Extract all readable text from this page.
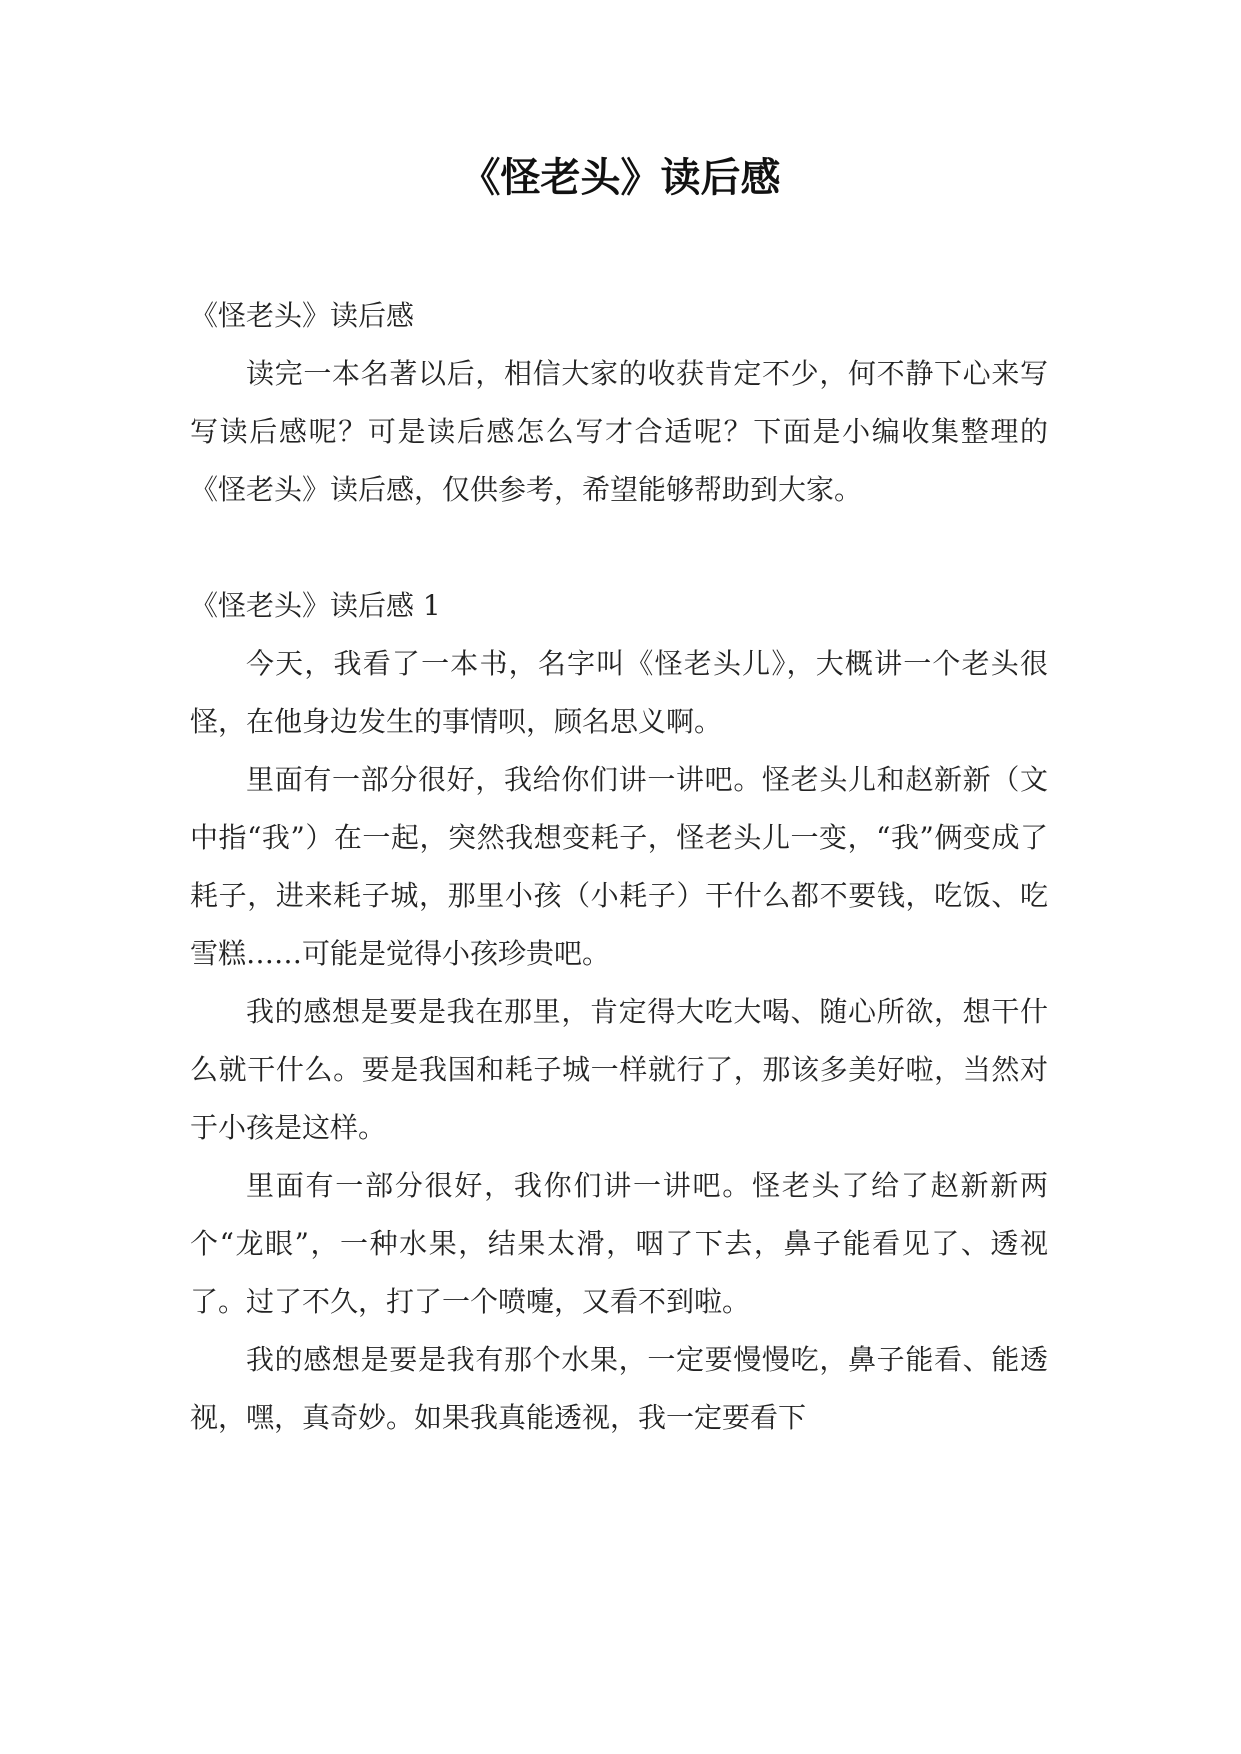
《怪老头》读后感

《怪老头》读后感

读完一本名著以后，相信大家的收获肯定不少，何不静下心来写写读后感呢？可是读后感怎么写才合适呢？下面是小编收集整理的《怪老头》读后感，仅供参考，希望能够帮助到大家。

《怪老头》读后感 1

今天，我看了一本书，名字叫《怪老头儿》，大概讲一个老头很怪，在他身边发生的事情呗，顾名思义啊。

里面有一部分很好，我给你们讲一讲吧。怪老头儿和赵新新（文中指“我”）在一起，突然我想变耗子，怪老头儿一变，“我”俩变成了耗子，进来耗子城，那里小孩（小耗子）干什么都不要钱，吃饭、吃雪糕……可能是觉得小孩珍贵吧。

我的感想是要是我在那里，肯定得大吃大喝、随心所欲，想干什么就干什么。要是我国和耗子城一样就行了，那该多美好啦，当然对于小孩是这样。

里面有一部分很好，我你们讲一讲吧。怪老头了给了赵新新两个“龙眼”，一种水果，结果太滑，咽了下去，鼻子能看见了、透视了。过了不久，打了一个喷嚏，又看不到啦。

我的感想是要是我有那个水果，一定要慢慢吃，鼻子能看、能透视，嘿，真奇妙。如果我真能透视，我一定要看下
